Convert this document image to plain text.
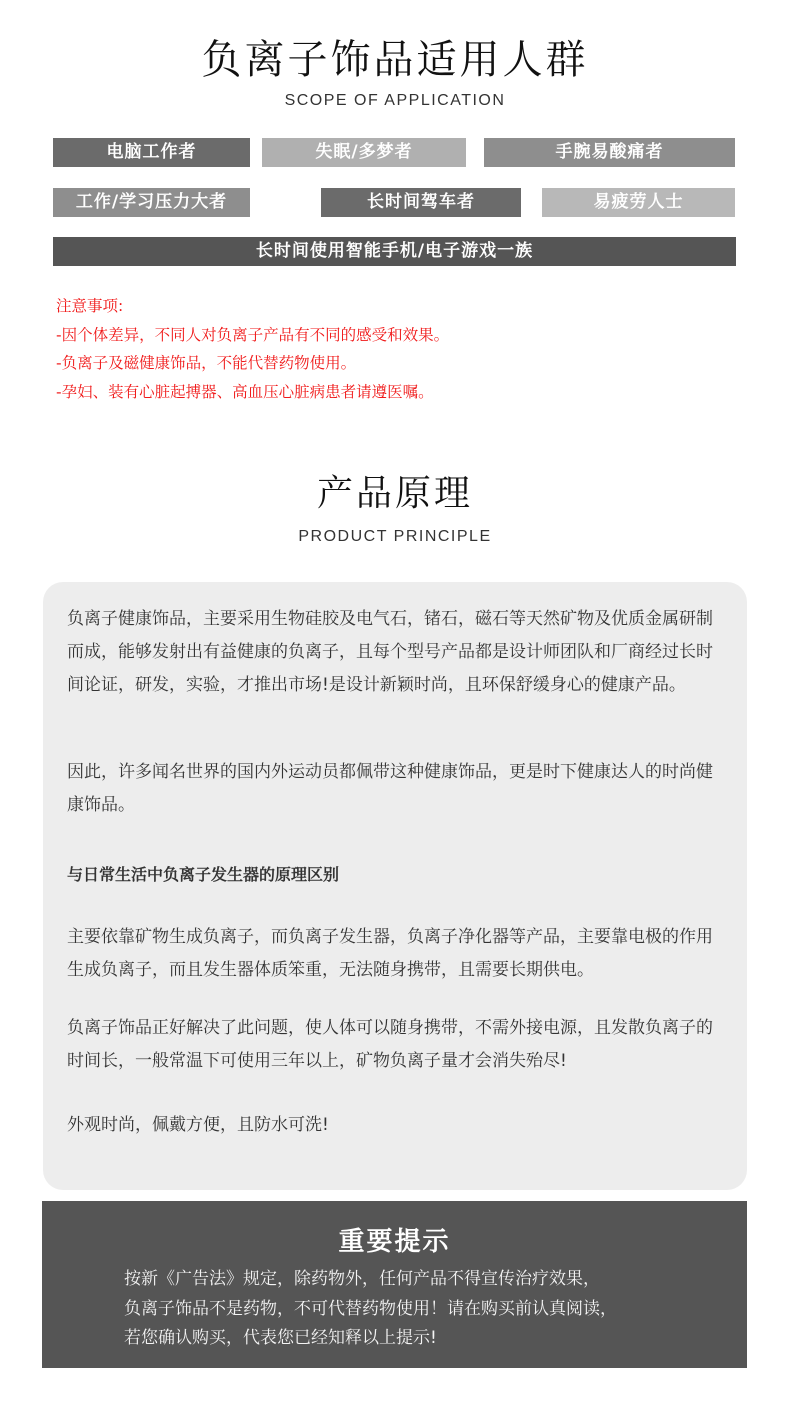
负离子饰品适用人群
SCOPE OF APPLICATION
电脑工作者	失眠/多梦者	手腕易酸痛者
工作/学习压力大者	长时间驾车者	易疲劳人士
长时间使用智能手机/电子游戏一族
注意事项:
-因个体差异，不同人对负离子产品有不同的感受和效果。
-负离子及磁健康饰品，不能代替药物使用。
-孕妇、装有心脏起搏器、高血压心脏病患者请遵医嘱。
产品原理
PRODUCT PRINCIPLE
负离子健康饰品，主要采用生物硅胶及电气石，锗石，磁石等天然矿物及优质金属研制而成，能够发射出有益健康的负离子，且每个型号产品都是设计师团队和厂商经过长时间论证，研发，实验，才推出市场!是设计新颖时尚，且环保舒缓身心的健康产品。
因此，许多闻名世界的国内外运动员都佩带这种健康饰品，更是时下健康达人的时尚健康饰品。
与日常生活中负离子发生器的原理区别
主要依靠矿物生成负离子，而负离子发生器，负离子净化器等产品，主要靠电极的作用生成负离子，而且发生器体质笨重，无法随身携带，且需要长期供电。
负离子饰品正好解决了此问题，使人体可以随身携带，不需外接电源，且发散负离子的时间长，一般常温下可使用三年以上，矿物负离子量才会消失殆尽!
外观时尚，佩戴方便，且防水可洗!
重要提示
按新《广告法》规定，除药物外，任何产品不得宣传治疗效果，
负离子饰品不是药物，不可代替药物使用！请在购买前认真阅读，
若您确认购买，代表您已经知释以上提示!
